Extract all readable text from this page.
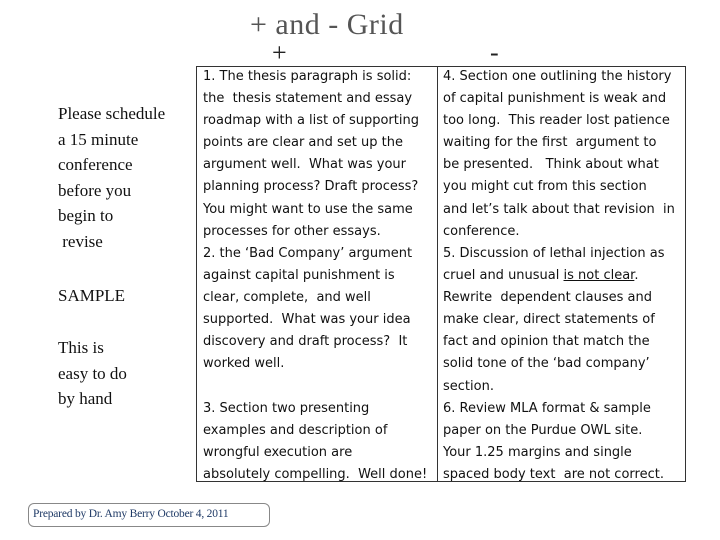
+ and - Grid
+	-
Please schedule
a 15 minute
conference
before you
begin to
revise
SAMPLE
This is
easy to do
by hand
1. The thesis paragraph is solid:
the  thesis statement and essay
roadmap with a list of supporting
points are clear and set up the
argument well.  What was your
planning process? Draft process?
You might want to use the same
processes for other essays.
2. the ‘Bad Company’ argument
against capital punishment is
clear, complete,  and well
supported.  What was your idea
discovery and draft process?  It
worked well.
3. Section two presenting
examples and description of
wrongful execution are
absolutely compelling.  Well done!
4. Section one outlining the history
of capital punishment is weak and
too long.  This reader lost patience
waiting for the first  argument to
be presented.   Think about what
you might cut from this section
and let’s talk about that revision  in
conference.
5. Discussion of lethal injection as
cruel and unusual is not clear.
Rewrite  dependent clauses and
make clear, direct statements of
fact and opinion that match the
solid tone of the ‘bad company’
section.
6. Review MLA format & sample
paper on the Purdue OWL site.
Your 1.25 margins and single
spaced body text  are not correct.
Prepared by Dr. Amy Berry October 4, 2011
